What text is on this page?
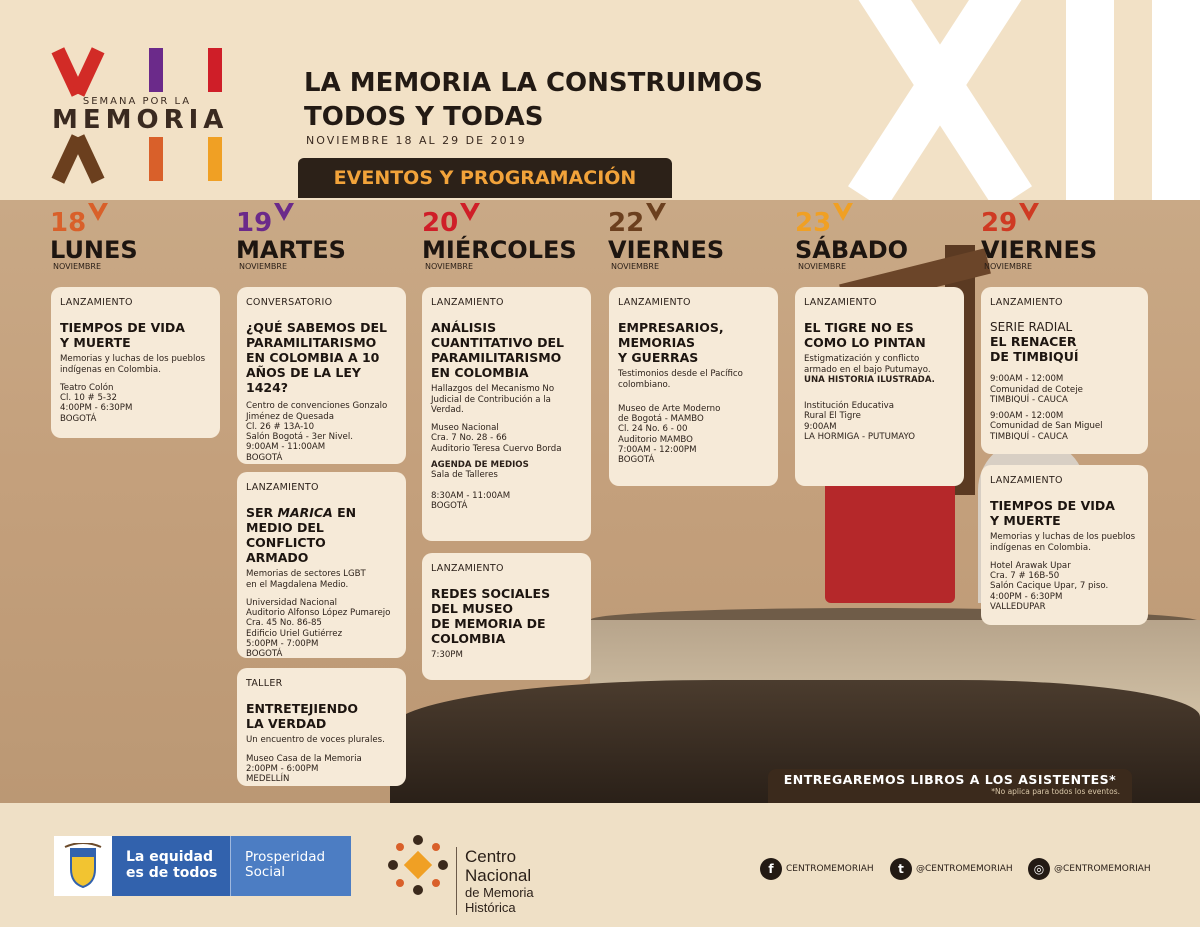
SEMANA POR LA
MEMORIA
LA MEMORIA LA CONSTRUIMOS
TODOS Y TODAS
NOVIEMBRE 18 AL 29 DE 2019
EVENTOS Y PROGRAMACIÓN
18
LUNES
NOVIEMBRE
19
MARTES
NOVIEMBRE
20
MIÉRCOLES
NOVIEMBRE
22
VIERNES
NOVIEMBRE
23
SÁBADO
NOVIEMBRE
29
VIERNES
NOVIEMBRE
LANZAMIENTO
TIEMPOS DE VIDA
Y MUERTE
Memorias y luchas de los pueblos
indígenas en Colombia.
Teatro Colón
Cl. 10 # 5-32
4:00PM - 6:30PM
BOGOTÁ
CONVERSATORIO
¿QUÉ SABEMOS DEL
PARAMILITARISMO
EN COLOMBIA A 10
AÑOS DE LA LEY 1424?
Centro de convenciones Gonzalo
Jiménez de Quesada
Cl. 26 # 13A-10
Salón Bogotá - 3er Nivel.
9:00AM - 11:00AM
BOGOTÁ
LANZAMIENTO
SER MARICA EN
MEDIO DEL CONFLICTO
ARMADO
Memorias de sectores LGBT
en el Magdalena Medio.
Universidad Nacional
Auditorio Alfonso López Pumarejo
Cra. 45 No. 86-85
Edificio Uriel Gutiérrez
5:00PM - 7:00PM
BOGOTÁ
TALLER
ENTRETEJIENDO
LA VERDAD
Un encuentro de voces plurales.
Museo Casa de la Memoria
2:00PM - 6:00PM
MEDELLÍN
LANZAMIENTO
ANÁLISIS
CUANTITATIVO DEL
PARAMILITARISMO
EN COLOMBIA
Hallazgos del Mecanismo No
Judicial de Contribución a la
Verdad.
Museo Nacional
Cra. 7 No. 28 - 66
Auditorio Teresa Cuervo Borda
AGENDA DE MEDIOS
Sala de Talleres

8:30AM - 11:00AM
BOGOTÁ
LANZAMIENTO
REDES SOCIALES
DEL MUSEO
DE MEMORIA DE
COLOMBIA
7:30PM
LANZAMIENTO
EMPRESARIOS,
MEMORIAS
Y GUERRAS
Testimonios desde el Pacífico
colombiano.
Museo de Arte Moderno
de Bogotá - MAMBO
Cl. 24 No. 6 - 00
Auditorio MAMBO
7:00AM - 12:00PM
BOGOTÁ
LANZAMIENTO
EL TIGRE NO ES
COMO LO PINTAN
Estigmatización y conflicto
armado en el bajo Putumayo.
UNA HISTORIA ILUSTRADA.
Institución Educativa
Rural El Tigre
9:00AM
LA HORMIGA - PUTUMAYO
LANZAMIENTO
SERIE RADIAL
EL RENACER
DE TIMBIQUÍ
9:00AM - 12:00M
Comunidad de Coteje
TIMBIQUÍ - CAUCA
9:00AM - 12:00M
Comunidad de San Miguel
TIMBIQUÍ - CAUCA
LANZAMIENTO
TIEMPOS DE VIDA
Y MUERTE
Memorias y luchas de los pueblos
indígenas en Colombia.
Hotel Arawak Upar
Cra. 7 # 16B-50
Salón Cacique Upar, 7 piso.
4:00PM - 6:30PM
VALLEDUPAR
ENTREGAREMOS LIBROS A LOS ASISTENTES*
*No aplica para todos los eventos.
La equidad
es de todos
Prosperidad
Social
Centro Nacional
de Memoria Histórica
f	CENTROMEMORIAH	t	@CENTROMEMORIAH	◎	@CENTROMEMORIAH
